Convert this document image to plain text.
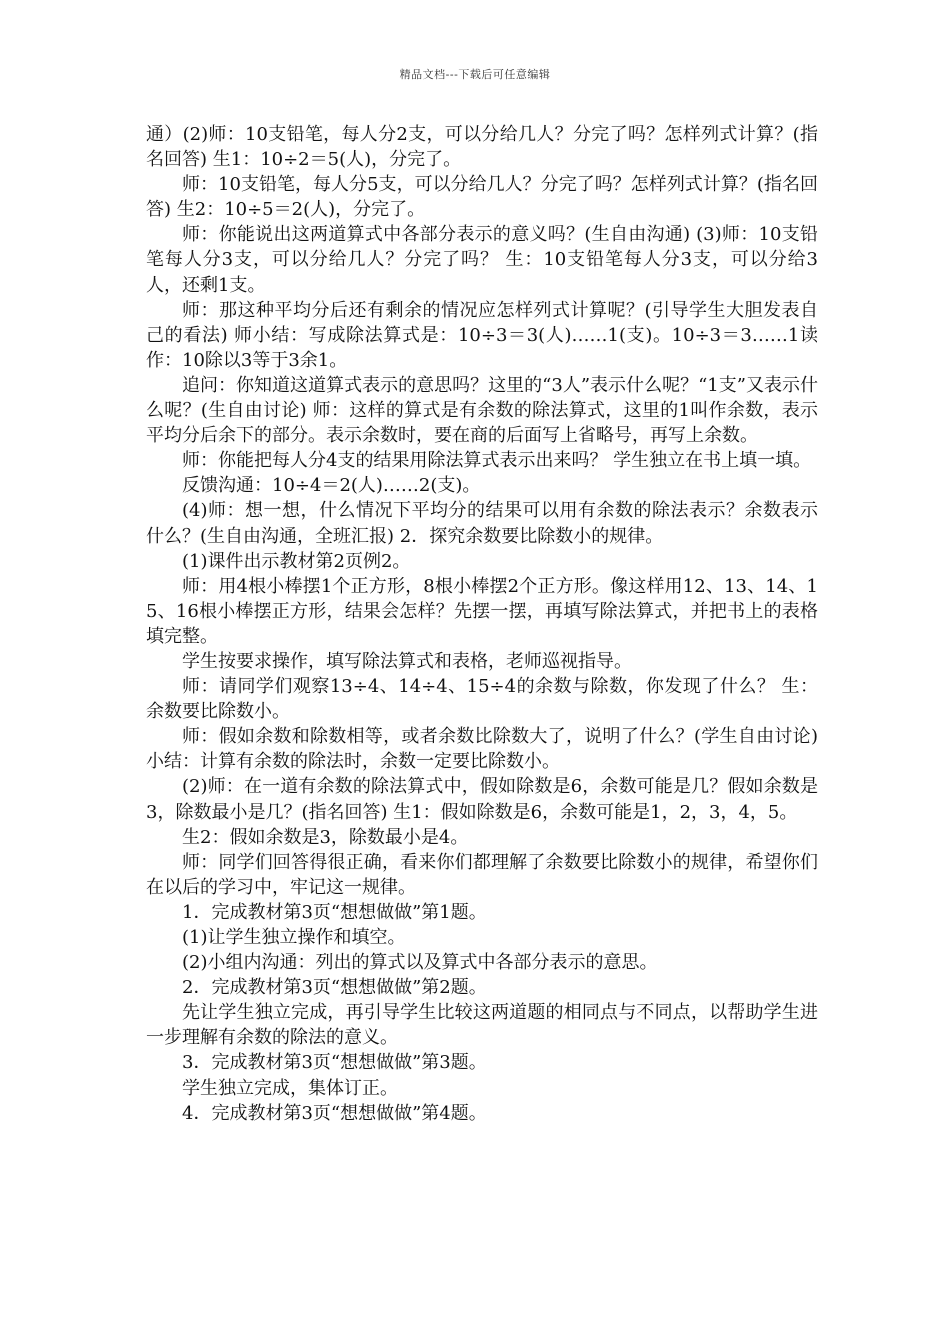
精品文档---下载后可任意编辑

通）(2)师：10支铅笔，每人分2支，可以分给几人？分完了吗？怎样列式计算？(指名回答) 生1：10÷2＝5(人)，分完了。

师：10支铅笔，每人分5支，可以分给几人？分完了吗？怎样列式计算？(指名回答) 生2：10÷5＝2(人)，分完了。

师：你能说出这两道算式中各部分表示的意义吗？(生自由沟通) (3)师：10支铅笔每人分3支，可以分给几人？分完了吗？ 生：10支铅笔每人分3支，可以分给3人，还剩1支。

师：那这种平均分后还有剩余的情况应怎样列式计算呢？(引导学生大胆发表自己的看法) 师小结：写成除法算式是：10÷3＝3(人)……1(支)。10÷3＝3……1读作：10除以3等于3余1。

追问：你知道这道算式表示的意思吗？这里的“3人”表示什么呢？“1支”又表示什么呢？(生自由讨论) 师：这样的算式是有余数的除法算式，这里的1叫作余数，表示平均分后余下的部分。表示余数时，要在商的后面写上省略号，再写上余数。

师：你能把每人分4支的结果用除法算式表示出来吗？ 学生独立在书上填一填。

反馈沟通：10÷4＝2(人)……2(支)。

(4)师：想一想，什么情况下平均分的结果可以用有余数的除法表示？余数表示什么？(生自由沟通，全班汇报) 2．探究余数要比除数小的规律。

(1)课件出示教材第2页例2。

师：用4根小棒摆1个正方形，8根小棒摆2个正方形。像这样用12、13、14、15、16根小棒摆正方形，结果会怎样？先摆一摆，再填写除法算式，并把书上的表格填完整。

学生按要求操作，填写除法算式和表格，老师巡视指导。

师：请同学们观察13÷4、14÷4、15÷4的余数与除数，你发现了什么？ 生：余数要比除数小。

师：假如余数和除数相等，或者余数比除数大了，说明了什么？(学生自由讨论) 小结：计算有余数的除法时，余数一定要比除数小。

(2)师：在一道有余数的除法算式中，假如除数是6，余数可能是几？假如余数是3，除数最小是几？(指名回答) 生1：假如除数是6，余数可能是1，2，3，4，5。

生2：假如余数是3，除数最小是4。

师：同学们回答得很正确，看来你们都理解了余数要比除数小的规律，希望你们在以后的学习中，牢记这一规律。

1．完成教材第3页“想想做做”第1题。

(1)让学生独立操作和填空。

(2)小组内沟通：列出的算式以及算式中各部分表示的意思。

2．完成教材第3页“想想做做”第2题。

先让学生独立完成，再引导学生比较这两道题的相同点与不同点，以帮助学生进一步理解有余数的除法的意义。

3．完成教材第3页“想想做做”第3题。

学生独立完成，集体订正。

4．完成教材第3页“想想做做”第4题。
